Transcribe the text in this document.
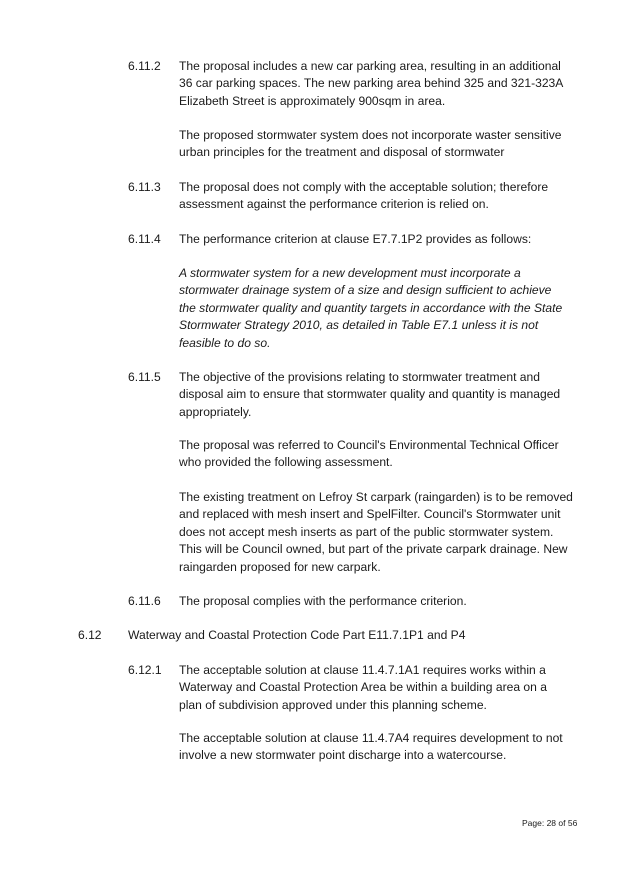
6.11.2 The proposal includes a new car parking area, resulting in an additional
36 car parking spaces. The new parking area behind 325 and 321-323A
Elizabeth Street is approximately 900sqm in area.
The proposed stormwater system does not incorporate waster sensitive
urban principles for the treatment and disposal of stormwater
6.11.3 The proposal does not comply with the acceptable solution; therefore
assessment against the performance criterion is relied on.
6.11.4 The performance criterion at clause E7.7.1P2 provides as follows:
A stormwater system for a new development must incorporate a
stormwater drainage system of a size and design sufficient to achieve
the stormwater quality and quantity targets in accordance with the State
Stormwater Strategy 2010, as detailed in Table E7.1 unless it is not
feasible to do so.
6.11.5 The objective of the provisions relating to stormwater treatment and
disposal aim to ensure that stormwater quality and quantity is managed
appropriately.
The proposal was referred to Council's Environmental Technical Officer
who provided the following assessment.
The existing treatment on Lefroy St carpark (raingarden) is to be removed
and replaced with mesh insert and SpelFilter. Council's Stormwater unit
does not accept mesh inserts as part of the public stormwater system.
This will be Council owned, but part of the private carpark drainage. New
raingarden proposed for new carpark.
6.11.6 The proposal complies with the performance criterion.
6.12 Waterway and Coastal Protection Code Part E11.7.1P1 and P4
6.12.1 The acceptable solution at clause 11.4.7.1A1 requires works within a
Waterway and Coastal Protection Area be within a building area on a
plan of subdivision approved under this planning scheme.
The acceptable solution at clause 11.4.7A4 requires development to not
involve a new stormwater point discharge into a watercourse.
Page: 28 of 56
